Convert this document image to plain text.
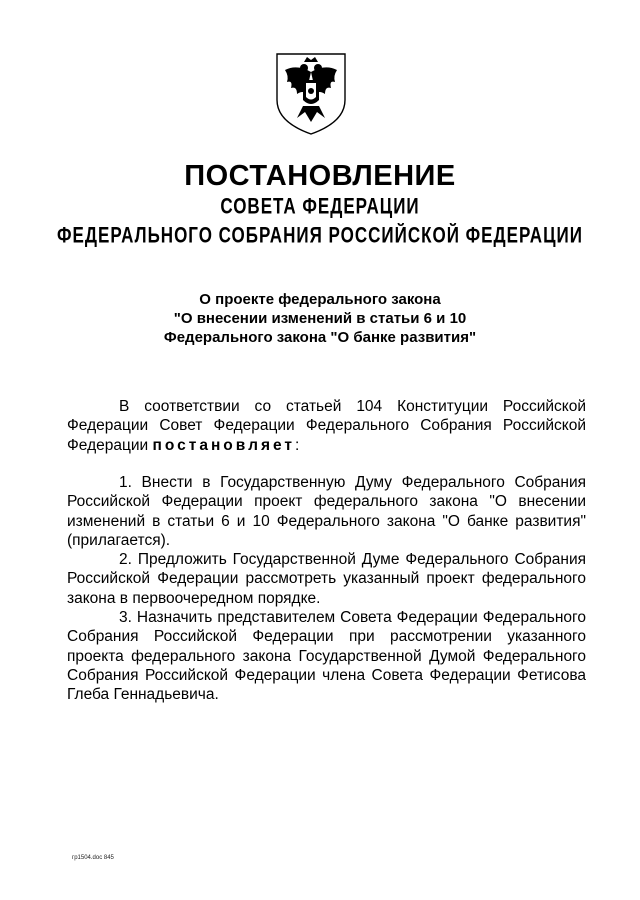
ПОСТАНОВЛЕНИЕ
СОВЕТА ФЕДЕРАЦИИ
ФЕДЕРАЛЬНОГО СОБРАНИЯ РОССИЙСКОЙ ФЕДЕРАЦИИ
О проекте федерального закона
"О внесении изменений в статьи 6 и 10
Федерального закона "О банке развития"
В соответствии со статьей 104 Конституции Российской Федерации Совет Федерации Федерального Собрания Российской Федерации постановляет:
1. Внести в Государственную Думу Федерального Собрания Российской Федерации проект федерального закона "О внесении изменений в статьи 6 и 10 Федерального закона "О банке развития" (прилагается).
2. Предложить Государственной Думе Федерального Собрания Российской Федерации рассмотреть указанный проект федерального закона в первоочередном порядке.
3. Назначить представителем Совета Федерации Федерального Собрания Российской Федерации при рассмотрении указанного проекта федерального закона Государственной Думой Федерального Собрания Российской Федерации члена Совета Федерации Фетисова Глеба Геннадьевича.
гр1504.doc 845
